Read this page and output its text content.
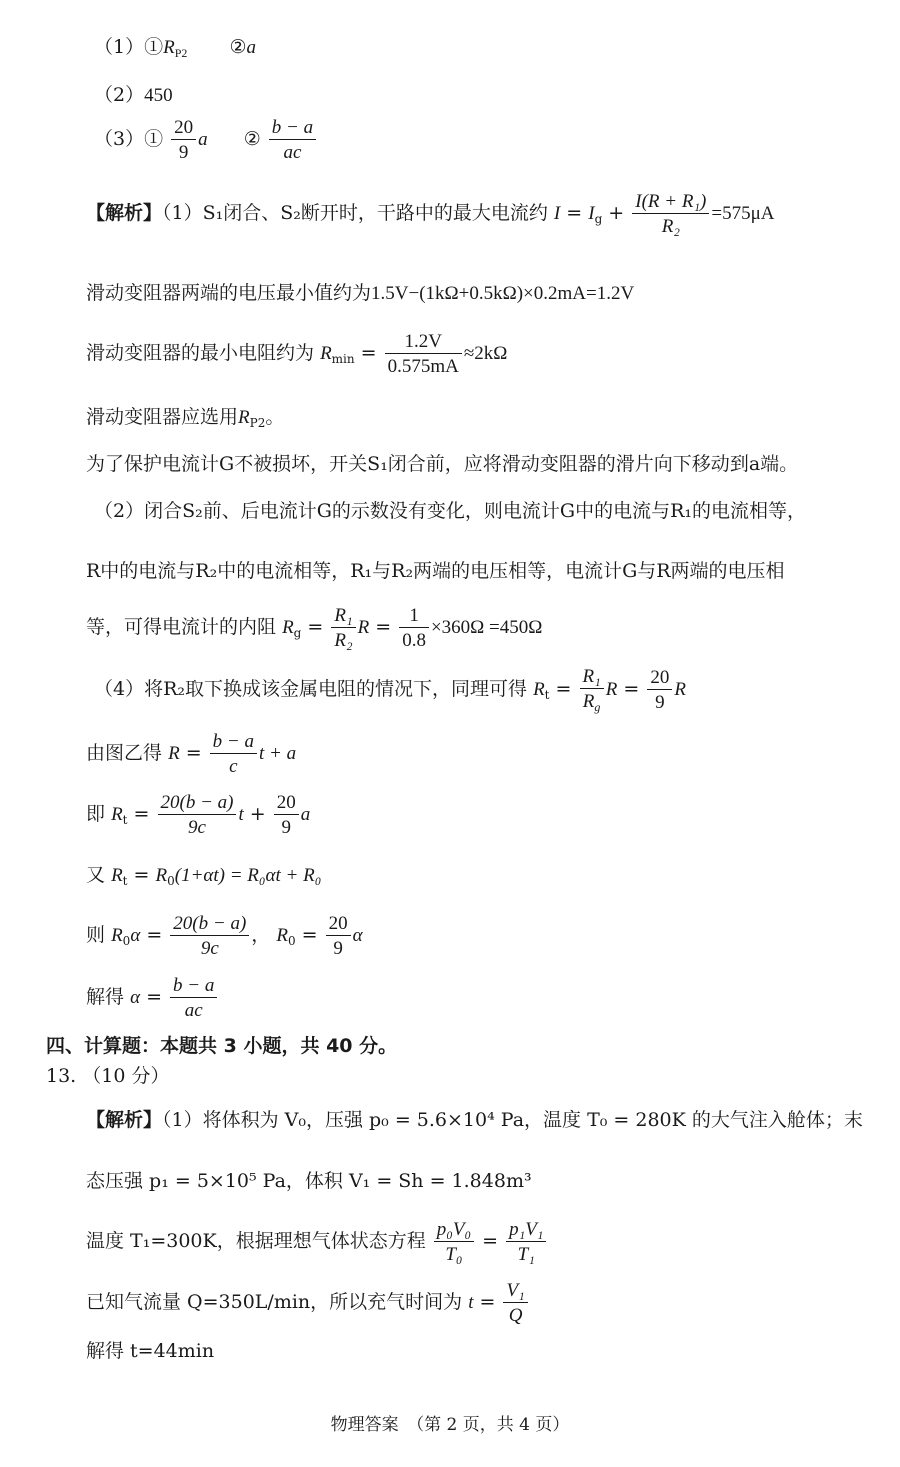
$(1)①R_{P2}$ ②a
（2）450
（3）① $\frac{20}{9}$ a ② $\frac{b - a}{ac}$
【解析】（1）S₁闭合、S₂断开时，干路中的最大电流约 $I = I_g + \frac{\text{I(R + R₁)}}{\text{R₂}} =575\mu A$
滑动变阻器两端的电压最小值约为1.5V−(1kΩ+0.5kΩ)×0.2mA=1.2V
滑动变阻器的最小电阻约为 $R_{min} = \frac{1.2V}{0.575mA} \approx 2k\Omega$
滑动变阻器应选用$R_{P2}$。
为了保护电流计G不被损坏，开关S₁闭合前，应将滑动变阻器的滑片向下移动到a端。
（2）闭合S₂前、后电流计G的示数没有变化，则电流计G中的电流与R₁的电流相等，
R中的电流与R₂中的电流相等，R₁与R₂两端的电压相等，电流计G与R两端的电压相
等，可得电流计的内阻 $R_g = \frac{\text{R₁}}{\text{R₂}}$ $R = \frac{1}{0.8} \times 360\Omega =450\Omega$
（4）将R₂取下换成该金属电阻的情况下，同理可得 $R_t = \frac{\text{R₁}}{R_g}$ $R = \frac{20}{9}$ R
由图乙得 $R = \frac{b - a}{c}$ t + a
即 $R_t = \frac{20(b - a)}{9c}$ $t + \frac{20}{9}$ a
又 $R_t = R_0(1+\alpha t) = R_0\alpha t + R_0$
则 $R_0\alpha = \frac{20(b - a)}{9c}$ ， $R_0 = \frac{20}{9}$ α
解得 $\alpha = \frac{b - a}{ac}$
四、计算题：本题共 3 小题，共 40 分。
13. （10 分）
【解析】（1）将体积为 V₀，压强 p₀ = 5.6×10⁴ Pa，温度 T₀ = 280K 的大气注入舱体；末
态压强 p₁ = 5×10⁵ Pa，体积 V₁ = Sh = 1.848m³
温度 T₁=300K，根据理想气体状态方程 $\frac{\text{p₀V₀}}{\text{T₀}} = \frac{\text{p₁V₁}}{\text{T₁}}$
已知气流量 Q=350L/min，所以充气时间为 $t = \frac{\text{V₁}}{Q}$
解得 t=44min
物理答案　（第 2 页，共 4 页）
